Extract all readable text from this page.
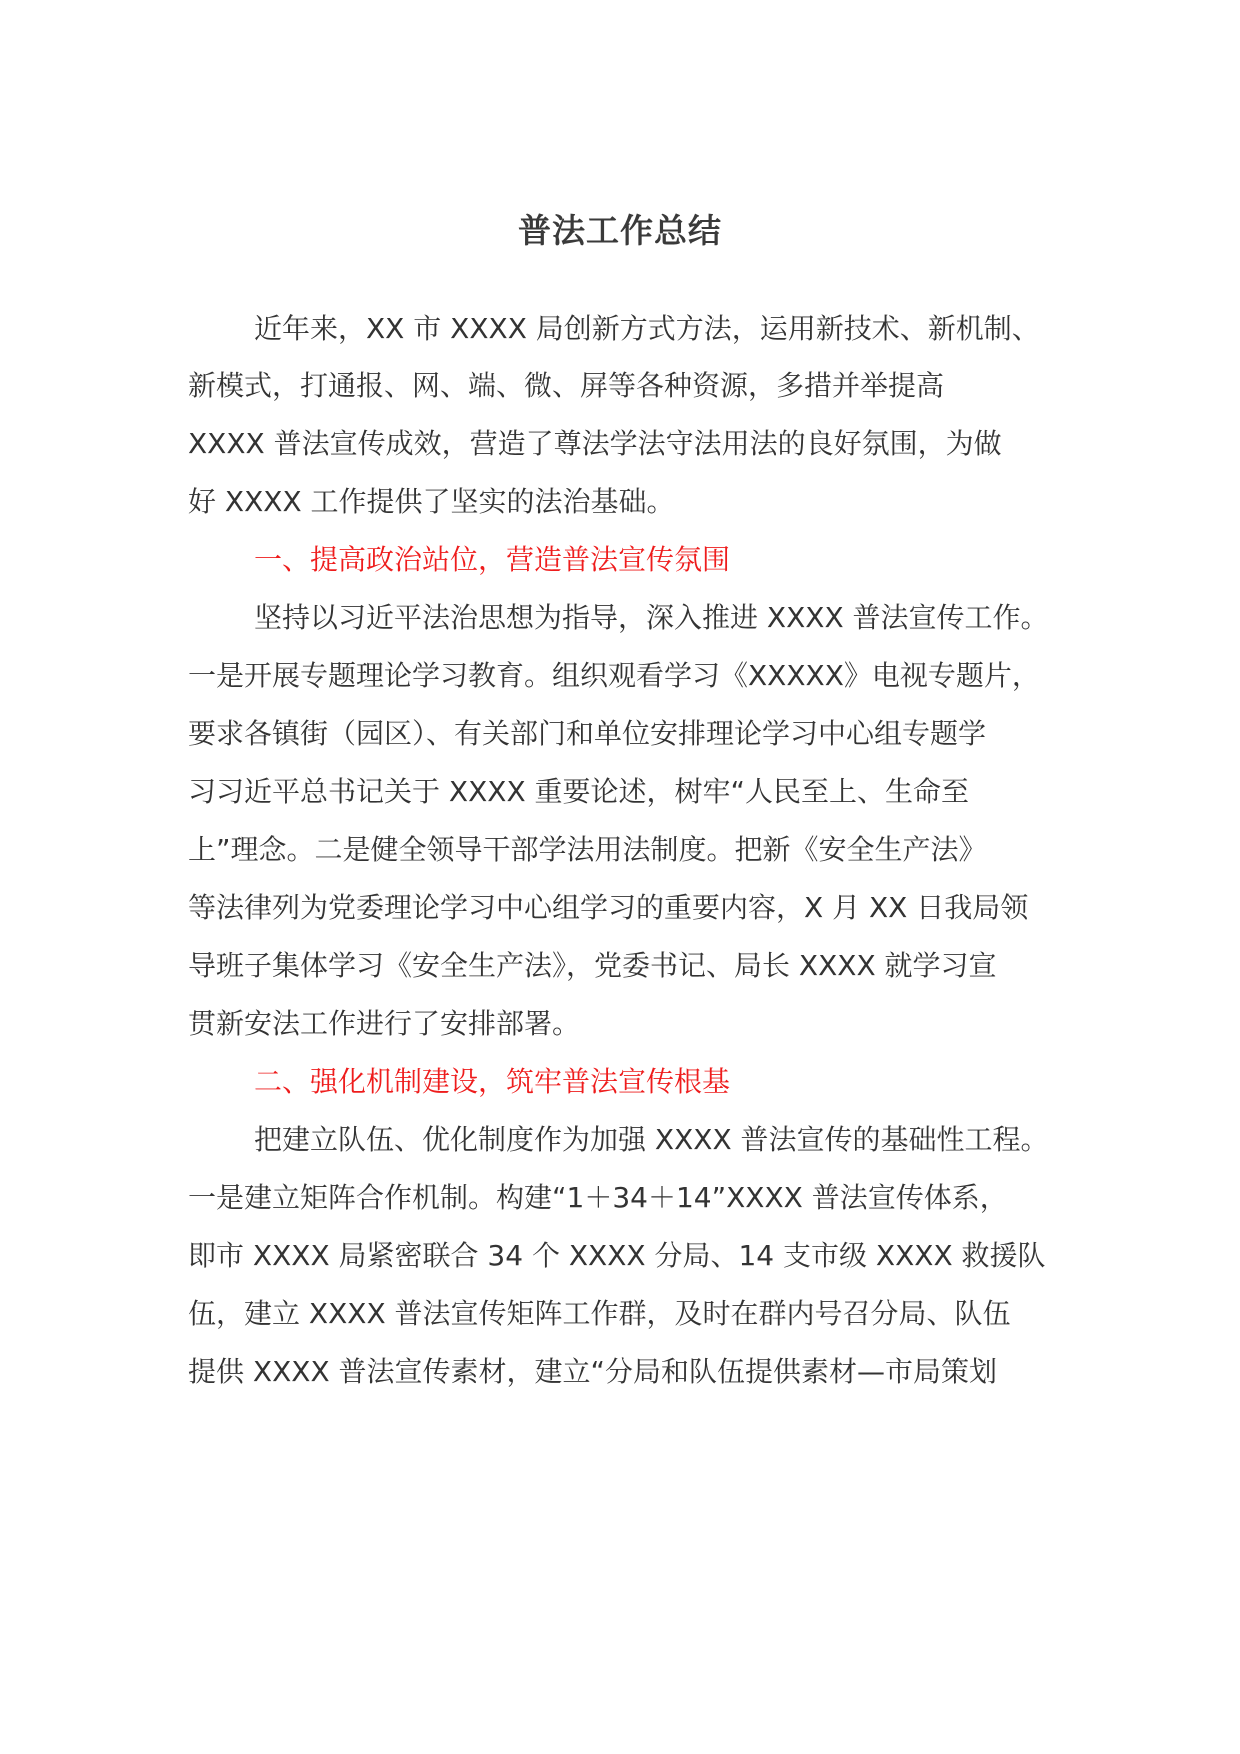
普法工作总结
近年来，XX 市 XXXX 局创新方式方法，运用新技术、新机制、
新模式，打通报、网、端、微、屏等各种资源，多措并举提高
XXXX 普法宣传成效，营造了尊法学法守法用法的良好氛围，为做
好 XXXX 工作提供了坚实的法治基础。
一、提高政治站位，营造普法宣传氛围
坚持以习近平法治思想为指导，深入推进 XXXX 普法宣传工作。
一是开展专题理论学习教育。组织观看学习《XXXXX》电视专题片，
要求各镇街（园区）、有关部门和单位安排理论学习中心组专题学
习习近平总书记关于 XXXX 重要论述，树牢“人民至上、生命至
上”理念。二是健全领导干部学法用法制度。把新《安全生产法》
等法律列为党委理论学习中心组学习的重要内容，X 月 XX 日我局领
导班子集体学习《安全生产法》，党委书记、局长 XXXX 就学习宣
贯新安法工作进行了安排部署。
二、强化机制建设，筑牢普法宣传根基
把建立队伍、优化制度作为加强 XXXX 普法宣传的基础性工程。
一是建立矩阵合作机制。构建“1＋34＋14”XXXX 普法宣传体系，
即市 XXXX 局紧密联合 34 个 XXXX 分局、14 支市级 XXXX 救援队
伍，建立 XXXX 普法宣传矩阵工作群，及时在群内号召分局、队伍
提供 XXXX 普法宣传素材，建立“分局和队伍提供素材—市局策划
